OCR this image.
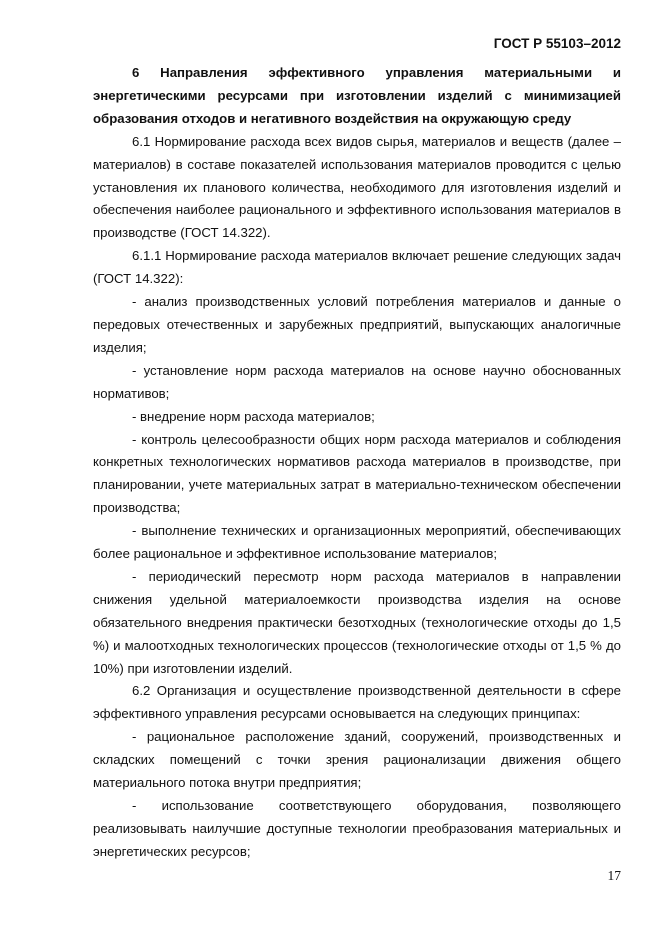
ГОСТ Р 55103–2012

6 Направления эффективного управления материальными и энергетическими ресурсами при изготовлении изделий с минимизацией образования отходов и негативного воздействия на окружающую среду

6.1 Нормирование расхода всех видов сырья, материалов и веществ (далее – материалов) в составе показателей использования материалов проводится с целью установления их планового количества, необходимого для изготовления изделий и обеспечения наиболее рационального и эффективного использования материалов в производстве (ГОСТ 14.322).

6.1.1 Нормирование расхода материалов включает решение следующих задач (ГОСТ 14.322):

- анализ производственных условий потребления материалов и данные о передовых отечественных и зарубежных предприятий, выпускающих аналогичные изделия;

- установление норм расхода материалов на основе научно обоснованных нормативов;

- внедрение норм расхода материалов;

- контроль целесообразности общих норм расхода материалов и соблюдения конкретных технологических нормативов расхода материалов в производстве, при планировании, учете материальных затрат в материально-техническом обеспечении производства;

- выполнение технических и организационных мероприятий, обеспечивающих более рациональное и эффективное использование материалов;

- периодический пересмотр норм расхода материалов в направлении снижения удельной материалоемкости производства изделия на основе обязательного внедрения практически безотходных (технологические отходы до 1,5 %) и малоотходных технологических процессов (технологические отходы от 1,5 % до 10%) при изготовлении изделий.

6.2 Организация и осуществление производственной деятельности в сфере эффективного управления ресурсами основывается на следующих принципах:

- рациональное расположение зданий, сооружений, производственных и складских помещений с точки зрения рационализации движения общего материального потока внутри предприятия;

- использование соответствующего оборудования, позволяющего реализовывать наилучшие доступные технологии преобразования материальных и энергетических ресурсов;

17
